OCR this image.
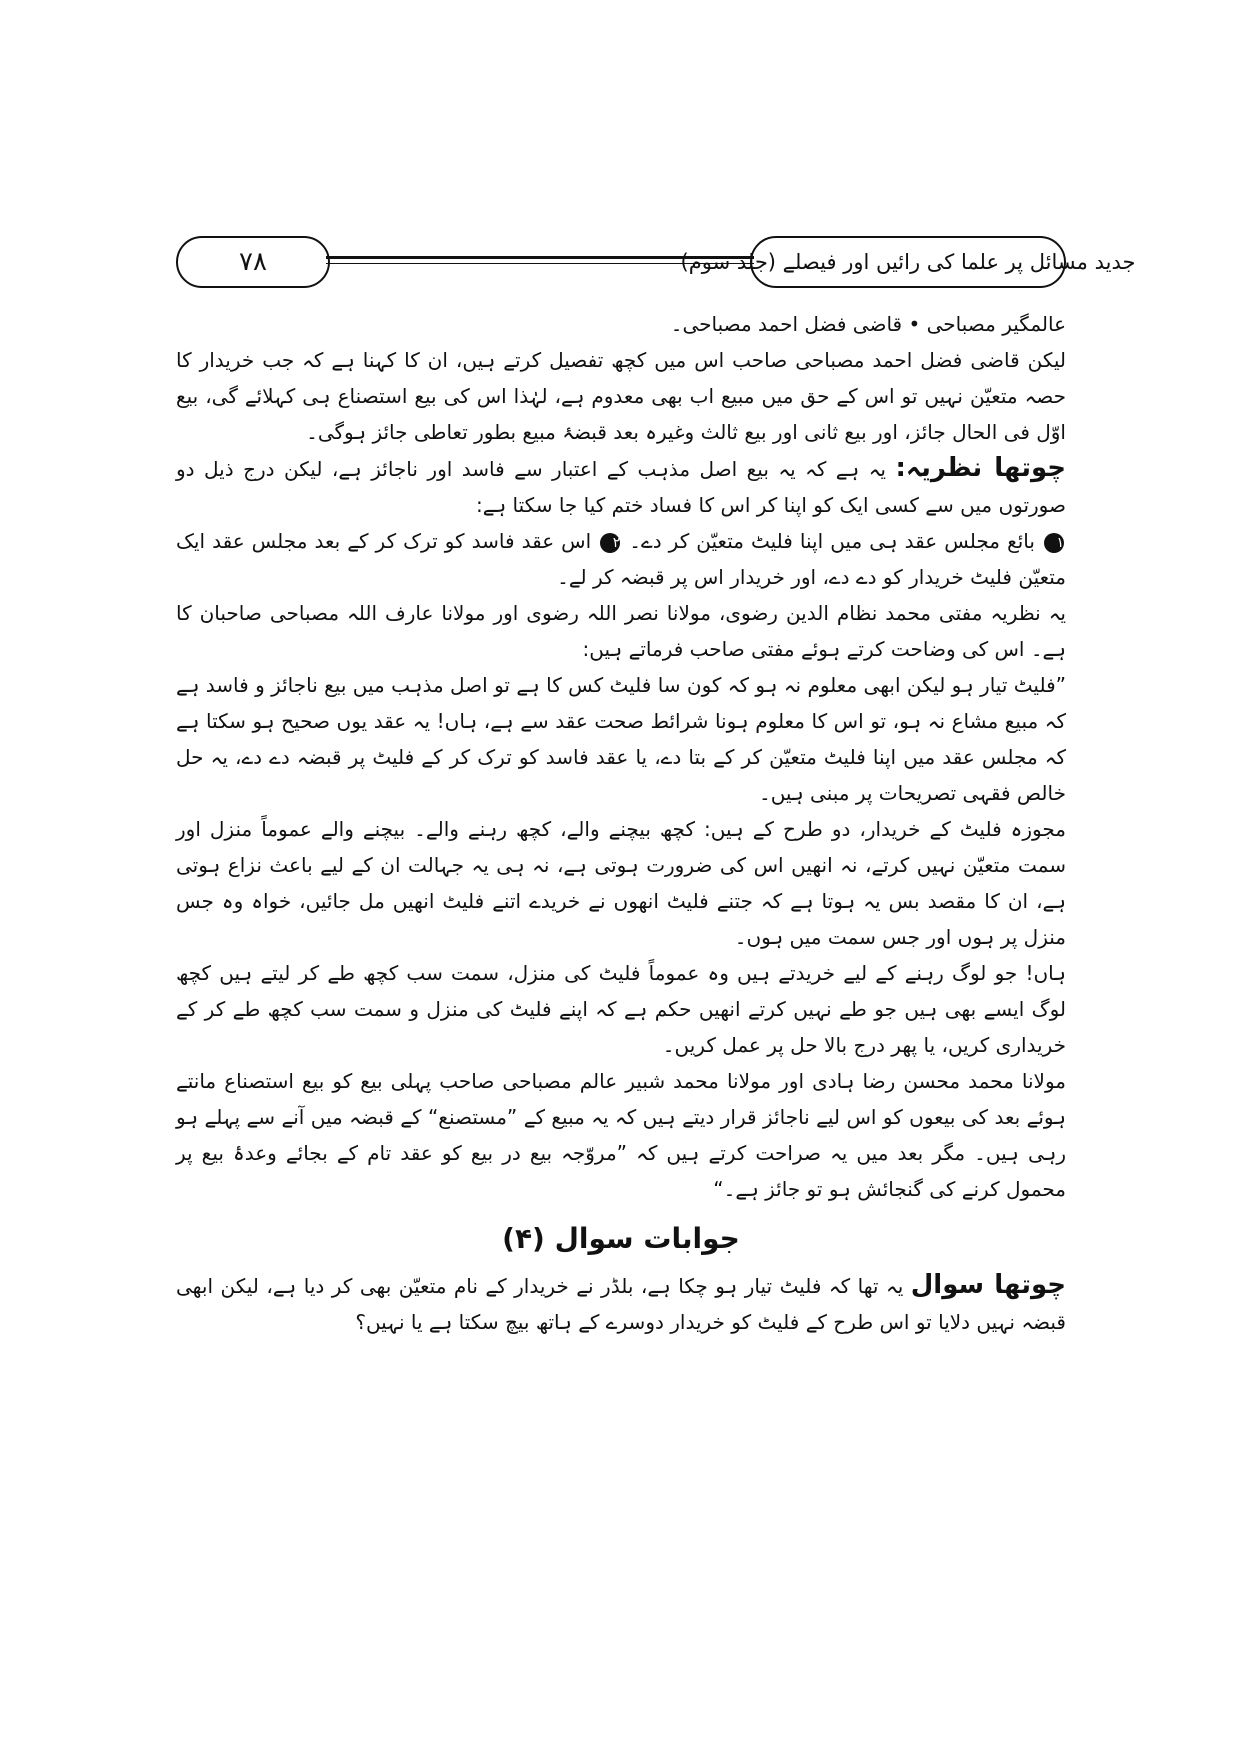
جدید مسائل پر علما کی رائیں اور فیصلے (جلد سوم)
۷۸

عالمگیر مصباحی • قاضی فضل احمد مصباحی۔

لیکن قاضی فضل احمد مصباحی صاحب اس میں کچھ تفصیل کرتے ہیں، ان کا کہنا ہے کہ جب خریدار کا حصہ متعیّن نہیں تو اس کے حق میں مبیع اب بھی معدوم ہے، لہٰذا اس کی بیع استصناع ہی کہلائے گی، بیع اوّل فی الحال جائز، اور بیع ثانی اور بیع ثالث وغیرہ بعد قبضۂ مبیع بطور تعاطی جائز ہوگی۔

چوتھا نظریہ: یہ ہے کہ یہ بیع اصل مذہب کے اعتبار سے فاسد اور ناجائز ہے، لیکن درج ذیل دو صورتوں میں سے کسی ایک کو اپنا کر اس کا فساد ختم کیا جا سکتا ہے:

۱ بائع مجلس عقد ہی میں اپنا فلیٹ متعیّن کر دے۔ ۲ اس عقد فاسد کو ترک کر کے بعد مجلس عقد ایک متعیّن فلیٹ خریدار کو دے دے، اور خریدار اس پر قبضہ کر لے۔

یہ نظریہ مفتی محمد نظام الدین رضوی، مولانا نصر اللہ رضوی اور مولانا عارف اللہ مصباحی صاحبان کا ہے۔ اس کی وضاحت کرتے ہوئے مفتی صاحب فرماتے ہیں:

”فلیٹ تیار ہو لیکن ابھی معلوم نہ ہو کہ کون سا فلیٹ کس کا ہے تو اصل مذہب میں بیع ناجائز و فاسد ہے کہ مبیع مشاع نہ ہو، تو اس کا معلوم ہونا شرائط صحت عقد سے ہے، ہاں! یہ عقد یوں صحیح ہو سکتا ہے کہ مجلس عقد میں اپنا فلیٹ متعیّن کر کے بتا دے، یا عقد فاسد کو ترک کر کے فلیٹ پر قبضہ دے دے، یہ حل خالص فقہی تصریحات پر مبنی ہیں۔

مجوزہ فلیٹ کے خریدار، دو طرح کے ہیں: کچھ بیچنے والے، کچھ رہنے والے۔ بیچنے والے عموماً منزل اور سمت متعیّن نہیں کرتے، نہ انھیں اس کی ضرورت ہوتی ہے، نہ ہی یہ جہالت ان کے لیے باعث نزاع ہوتی ہے، ان کا مقصد بس یہ ہوتا ہے کہ جتنے فلیٹ انھوں نے خریدے اتنے فلیٹ انھیں مل جائیں، خواہ وہ جس منزل پر ہوں اور جس سمت میں ہوں۔

ہاں! جو لوگ رہنے کے لیے خریدتے ہیں وہ عموماً فلیٹ کی منزل، سمت سب کچھ طے کر لیتے ہیں کچھ لوگ ایسے بھی ہیں جو طے نہیں کرتے انھیں حکم ہے کہ اپنے فلیٹ کی منزل و سمت سب کچھ طے کر کے خریداری کریں، یا پھر درج بالا حل پر عمل کریں۔

مولانا محمد محسن رضا ہادی اور مولانا محمد شبیر عالم مصباحی صاحب پہلی بیع کو بیع استصناع مانتے ہوئے بعد کی بیعوں کو اس لیے ناجائز قرار دیتے ہیں کہ یہ مبیع کے ”مستصنع“ کے قبضہ میں آنے سے پہلے ہو رہی ہیں۔ مگر بعد میں یہ صراحت کرتے ہیں کہ ”مروّجہ بیع در بیع کو عقد تام کے بجائے وعدۂ بیع پر محمول کرنے کی گنجائش ہو تو جائز ہے۔“

جوابات سوال (۴)

چوتھا سوال یہ تھا کہ فلیٹ تیار ہو چکا ہے، بلڈر نے خریدار کے نام متعیّن بھی کر دیا ہے، لیکن ابھی قبضہ نہیں دلایا تو اس طرح کے فلیٹ کو خریدار دوسرے کے ہاتھ بیچ سکتا ہے یا نہیں؟
